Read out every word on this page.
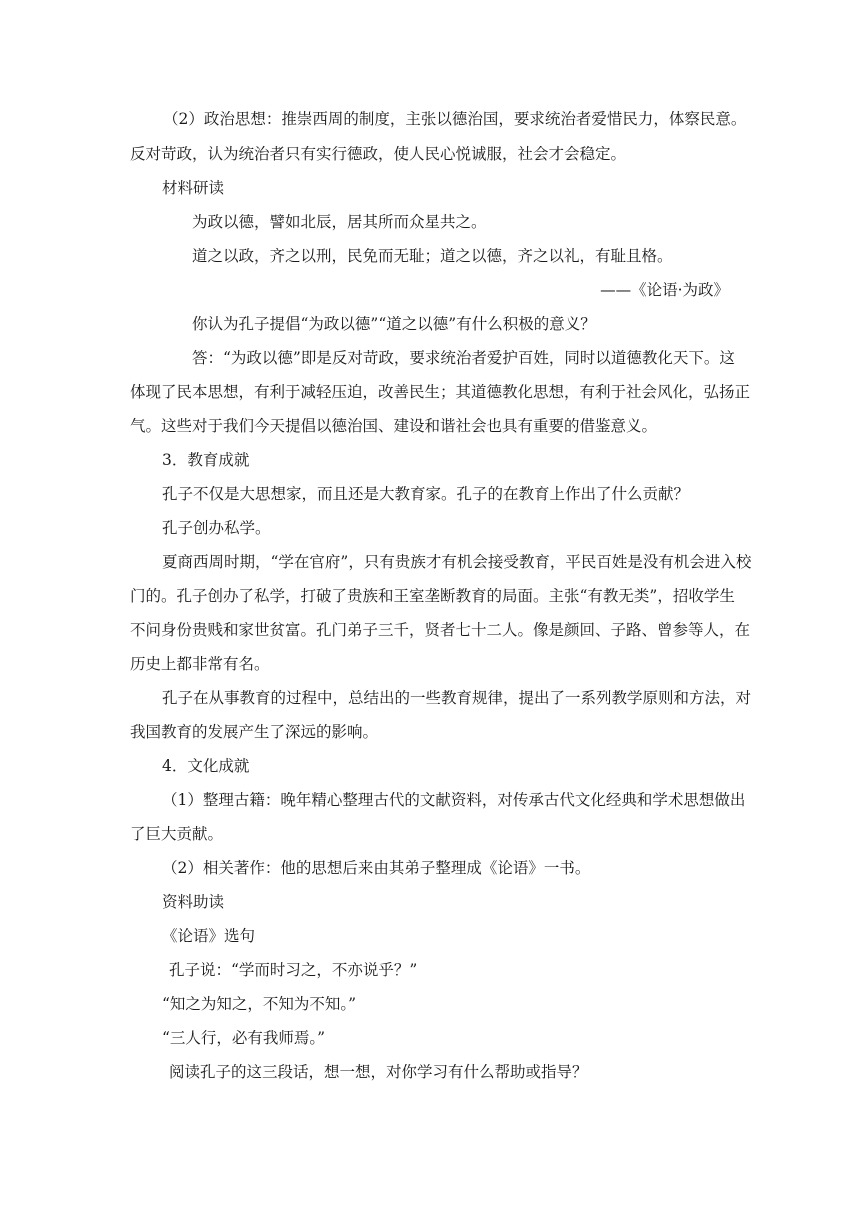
（2）政治思想：推崇西周的制度，主张以德治国，要求统治者爱惜民力，体察民意。

反对苛政，认为统治者只有实行德政，使人民心悦诚服，社会才会稳定。

材料研读

为政以德，譬如北辰，居其所而众星共之。

道之以政，齐之以刑，民免而无耻；道之以德，齐之以礼，有耻且格。

——《论语·为政》

你认为孔子提倡“为政以德”“道之以德”有什么积极的意义？

答：“为政以德”即是反对苛政，要求统治者爱护百姓，同时以道德教化天下。这

体现了民本思想，有利于减轻压迫，改善民生；其道德教化思想，有利于社会风化，弘扬正

气。这些对于我们今天提倡以德治国、建设和谐社会也具有重要的借鉴意义。

3．教育成就

孔子不仅是大思想家，而且还是大教育家。孔子的在教育上作出了什么贡献？

孔子创办私学。

夏商西周时期，“学在官府”，只有贵族才有机会接受教育，平民百姓是没有机会进入校

门的。孔子创办了私学，打破了贵族和王室垄断教育的局面。主张“有教无类”，招收学生

不问身份贵贱和家世贫富。孔门弟子三千，贤者七十二人。像是颜回、子路、曾参等人，在

历史上都非常有名。

孔子在从事教育的过程中，总结出的一些教育规律，提出了一系列教学原则和方法，对

我国教育的发展产生了深远的影响。

4．文化成就

（1）整理古籍：晚年精心整理古代的文献资料，对传承古代文化经典和学术思想做出

了巨大贡献。

（2）相关著作：他的思想后来由其弟子整理成《论语》一书。

资料助读

《论语》选句

孔子说：“学而时习之，不亦说乎？”

“知之为知之，不知为不知。”

“三人行，必有我师焉。”

阅读孔子的这三段话，想一想，对你学习有什么帮助或指导？
